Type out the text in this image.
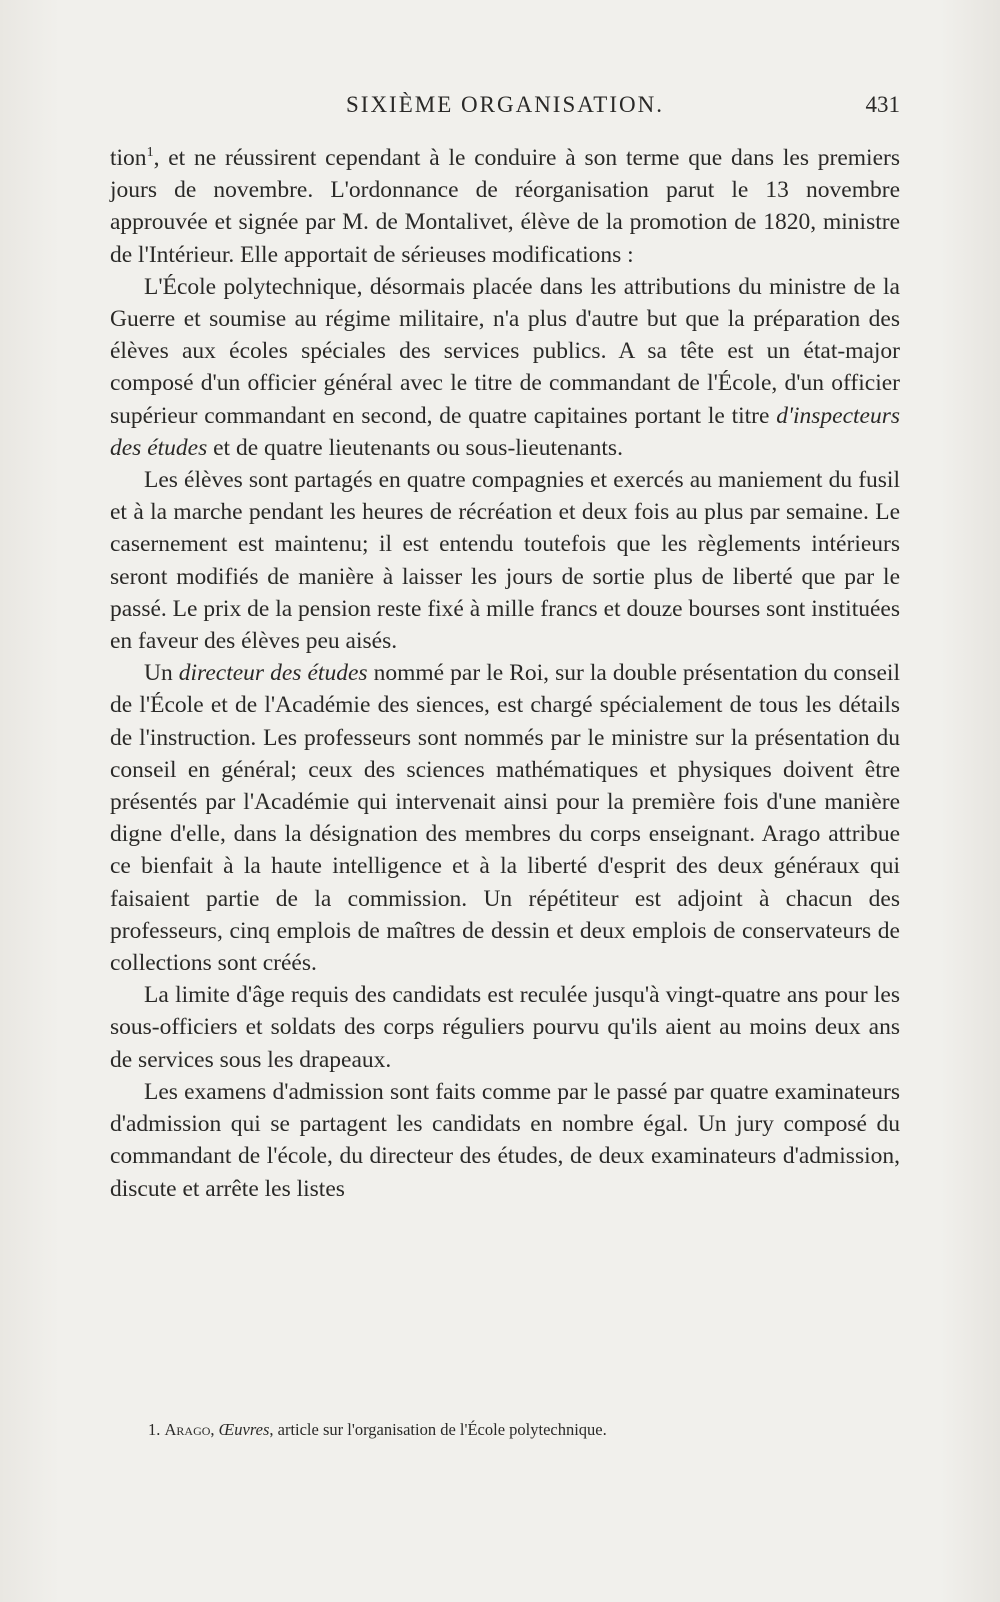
SIXIÈME ORGANISATION.	431

tion$^1$, et ne réussirent cependant à le conduire à son terme que dans les premiers jours de novembre. L'ordonnance de réorganisation parut le 13 novembre approuvée et signée par M. de Montalivet, élève de la promotion de 1820, ministre de l'Intérieur. Elle apportait de sérieuses modifications :

L'École polytechnique, désormais placée dans les attributions du ministre de la Guerre et soumise au régime militaire, n'a plus d'autre but que la préparation des élèves aux écoles spéciales des services publics. A sa tête est un état-major composé d'un officier général avec le titre de commandant de l'École, d'un officier supérieur commandant en second, de quatre capitaines portant le titre d'inspecteurs des études et de quatre lieutenants ou sous-lieutenants.

Les élèves sont partagés en quatre compagnies et exercés au maniement du fusil et à la marche pendant les heures de récréation et deux fois au plus par semaine. Le casernement est maintenu; il est entendu toutefois que les règlements intérieurs seront modifiés de manière à laisser les jours de sortie plus de liberté que par le passé. Le prix de la pension reste fixé à mille francs et douze bourses sont instituées en faveur des élèves peu aisés.

Un directeur des études nommé par le Roi, sur la double présentation du conseil de l'École et de l'Académie des siences, est chargé spécialement de tous les détails de l'instruction. Les professeurs sont nommés par le ministre sur la présentation du conseil en général; ceux des sciences mathématiques et physiques doivent être présentés par l'Académie qui intervenait ainsi pour la première fois d'une manière digne d'elle, dans la désignation des membres du corps enseignant. Arago attribue ce bienfait à la haute intelligence et à la liberté d'esprit des deux généraux qui faisaient partie de la commission. Un répétiteur est adjoint à chacun des professeurs, cinq emplois de maîtres de dessin et deux emplois de conservateurs de collections sont créés.

La limite d'âge requis des candidats est reculée jusqu'à vingt-quatre ans pour les sous-officiers et soldats des corps réguliers pourvu qu'ils aient au moins deux ans de services sous les drapeaux.

Les examens d'admission sont faits comme par le passé par quatre examinateurs d'admission qui se partagent les candidats en nombre égal. Un jury composé du commandant de l'école, du directeur des études, de deux examinateurs d'admission, discute et arrête les listes

1. Arago, Œuvres, article sur l'organisation de l'École polytechnique.
